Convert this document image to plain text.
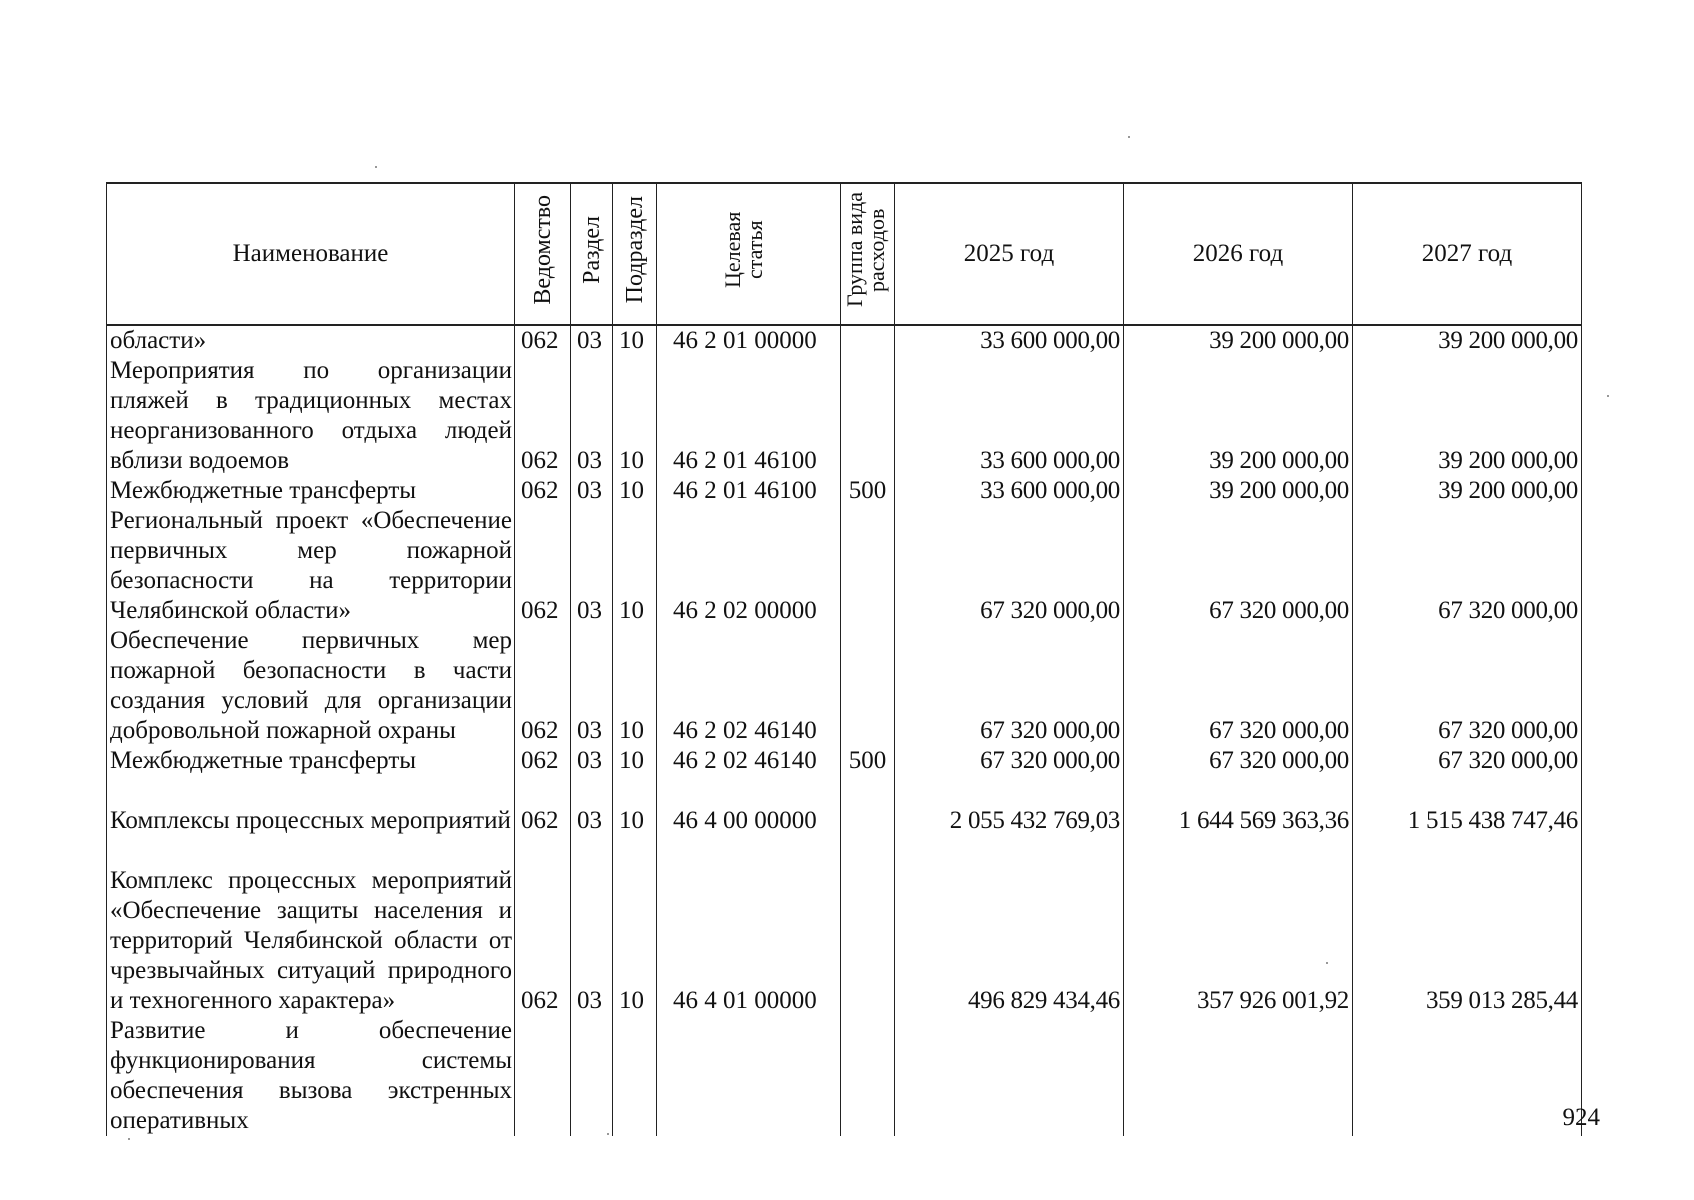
Наименование	Ведомство	Раздел	Подраздел	Целевая статья	Группа вида расходов	2025 год	2026 год	2027 год
области»	062	03	10	46 2 01 00000		33 600 000,00	39 200 000,00	39 200 000,00
Мероприятия по организации пляжей в традиционных местах неорганизованного отдыха людей вблизи водоемов	062	03	10	46 2 01 46100		33 600 000,00	39 200 000,00	39 200 000,00
Межбюджетные трансферты	062	03	10	46 2 01 46100	500	33 600 000,00	39 200 000,00	39 200 000,00
Региональный проект «Обеспечение первичных мер пожарной безопасности на территории Челябинской области»	062	03	10	46 2 02 00000		67 320 000,00	67 320 000,00	67 320 000,00
Обеспечение первичных мер пожарной безопасности в части создания условий для организации добровольной пожарной охраны	062	03	10	46 2 02 46140		67 320 000,00	67 320 000,00	67 320 000,00
Межбюджетные трансферты	062	03	10	46 2 02 46140	500	67 320 000,00	67 320 000,00	67 320 000,00
Комплексы процессных мероприятий	062	03	10	46 4 00 00000		2 055 432 769,03	1 644 569 363,36	1 515 438 747,46
Комплекс процессных мероприятий «Обеспечение защиты населения и территорий Челябинской области от чрезвычайных ситуаций природного и техногенного характера»	062	03	10	46 4 01 00000		496 829 434,46	357 926 001,92	359 013 285,44
Развитие и обеспечение функционирования системы обеспечения вызова экстренных оперативных									924
